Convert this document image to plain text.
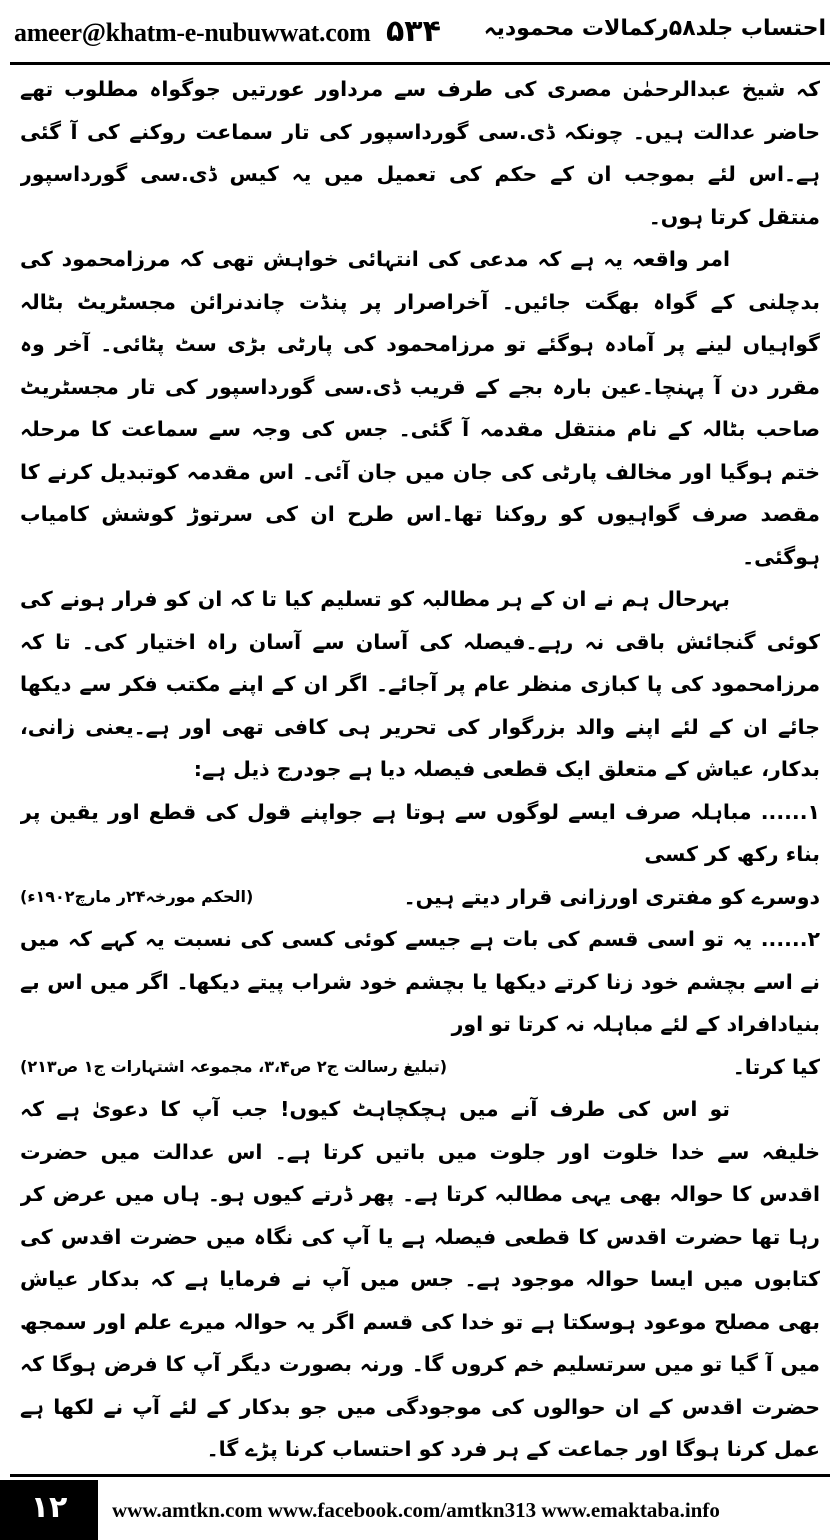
ameer@khatm-e-nubuwwat.com ۵۳۴ احتساب جلد۵۸رکمالات محمودیہ

کہ شیخ عبدالرحمٰن مصری کی طرف سے مرداور عورتیں جوگواہ مطلوب تھے حاضر عدالت ہیں۔ چونکہ ڈی.سی گورداسپور کی تار سماعت روکنے کی آ گئی ہے۔اس لئے بموجب ان کے حکم کی تعمیل میں یہ کیس ڈی.سی گورداسپور منتقل کرتا ہوں۔

امر واقعہ یہ ہے کہ مدعی کی انتہائی خواہش تھی کہ مرزامحمود کی بدچلنی کے گواہ بھگت جائیں۔ آخراصرار پر پنڈت چاندنرائن مجسٹریٹ بٹالہ گواہیاں لینے پر آمادہ ہوگئے تو مرزامحمود کی پارٹی بڑی سٹ پٹائی۔ آخر وہ مقرر دن آ پہنچا۔عین بارہ بجے کے قریب ڈی.سی گورداسپور کی تار مجسٹریٹ صاحب بٹالہ کے نام منتقل مقدمہ آ گئی۔ جس کی وجہ سے سماعت کا مرحلہ ختم ہوگیا اور مخالف پارٹی کی جان میں جان آئی۔ اس مقدمہ کوتبدیل کرنے کا مقصد صرف گواہیوں کو روکنا تھا۔اس طرح ان کی سرتوڑ کوشش کامیاب ہوگئی۔

بہرحال ہم نے ان کے ہر مطالبہ کو تسلیم کیا تا کہ ان کو فرار ہونے کی کوئی گنجائش باقی نہ رہے۔فیصلہ کی آسان سے آسان راہ اختیار کی۔ تا کہ مرزامحمود کی پا کبازی منظر عام پر آجائے۔ اگر ان کے اپنے مکتب فکر سے دیکھا جائے ان کے لئے اپنے والد بزرگوار کی تحریر ہی کافی تھی اور ہے۔یعنی زانی، بدکار، عیاش کے متعلق ایک قطعی فیصلہ دیا ہے جودرج ذیل ہے:

۱...... مباہلہ صرف ایسے لوگوں سے ہوتا ہے جواپنے قول کی قطع اور یقین پر بناء رکھ کر کسی

دوسرے کو مفتری اورزانی قرار دیتے ہیں۔
(الحکم مورخہ۲۴ر مارچ۱۹۰۲ء)

۲...... یہ تو اسی قسم کی بات ہے جیسے کوئی کسی کی نسبت یہ کہے کہ میں نے اسے بچشم خود زنا کرتے دیکھا یا بچشم خود شراب پیتے دیکھا۔ اگر میں اس بے بنیادافراد کے لئے مباہلہ نہ کرتا تو اور

کیا کرتا۔
(تبلیغ رسالت ج۲ ص۳،۴، مجموعہ اشتہارات ج۱ ص۲۱۳)

تو اس کی طرف آنے میں ہچکچاہٹ کیوں! جب آپ کا دعویٰ ہے کہ خلیفہ سے خدا خلوت اور جلوت میں باتیں کرتا ہے۔ اس عدالت میں حضرت اقدس کا حوالہ بھی یہی مطالبہ کرتا ہے۔ پھر ڈرتے کیوں ہو۔ ہاں میں عرض کر رہا تھا حضرت اقدس کا قطعی فیصلہ ہے یا آپ کی نگاہ میں حضرت اقدس کی کتابوں میں ایسا حوالہ موجود ہے۔ جس میں آپ نے فرمایا ہے کہ بدکار عیاش بھی مصلح موعود ہوسکتا ہے تو خدا کی قسم اگر یہ حوالہ میرے علم اور سمجھ میں آ گیا تو میں سرتسلیم خم کروں گا۔ ورنہ بصورت دیگر آپ کا فرض ہوگا کہ حضرت اقدس کے ان حوالوں کی موجودگی میں جو بدکار کے لئے آپ نے لکھا ہے عمل کرنا ہوگا اور جماعت کے ہر فرد کو احتساب کرنا پڑے گا۔

۱۲	www.amtkn.com www.facebook.com/amtkn313 www.emaktaba.info
